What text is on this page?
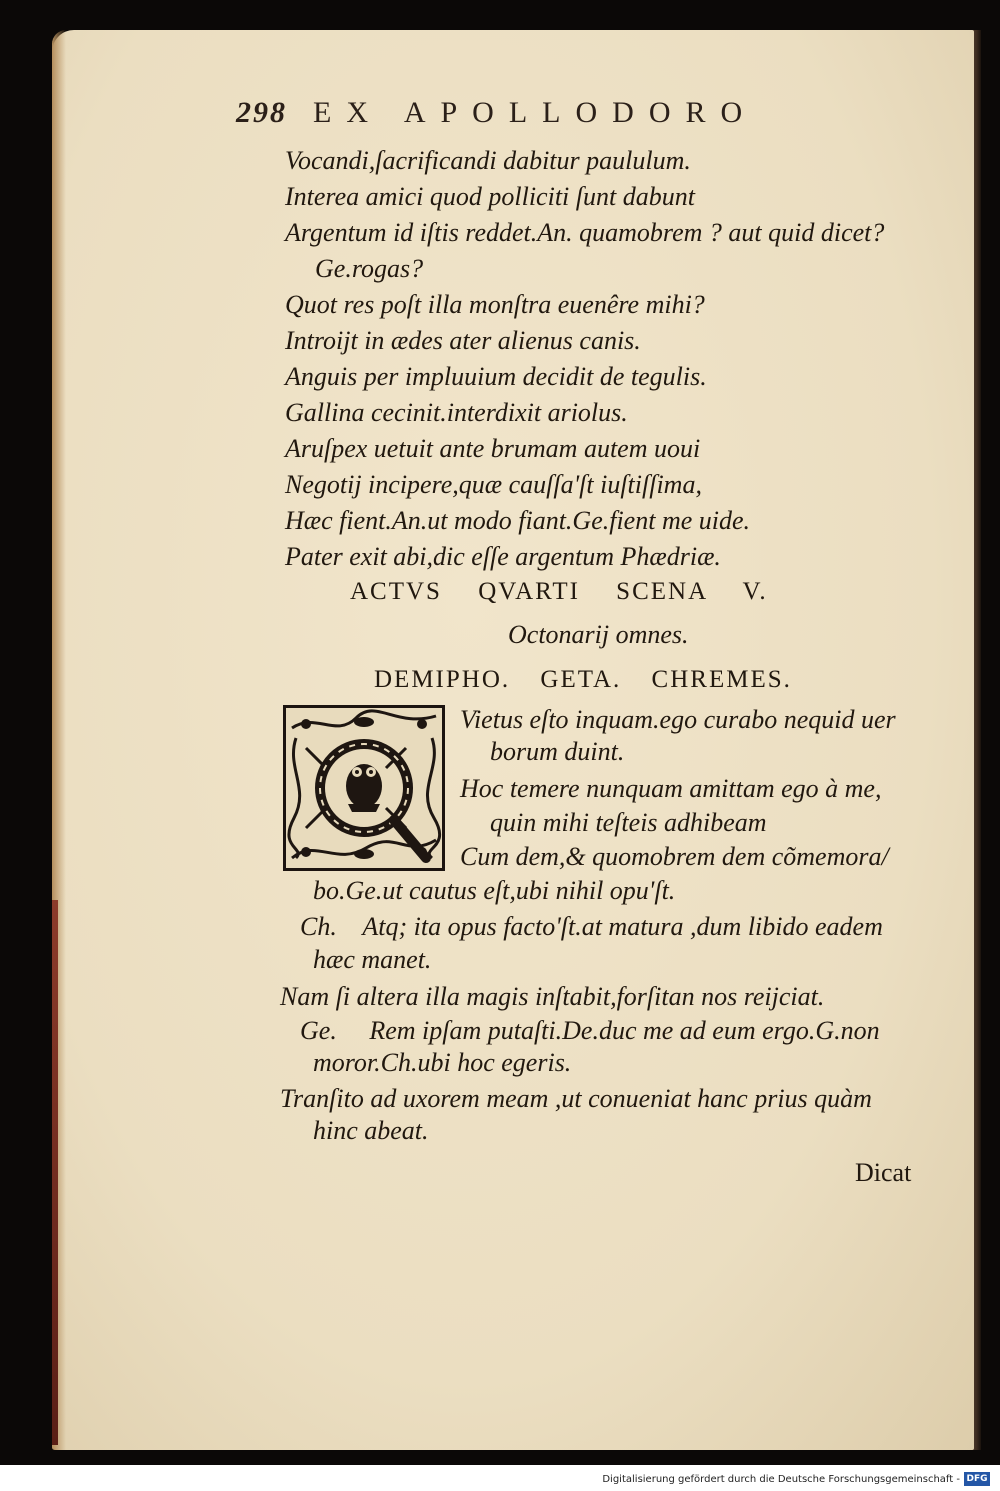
298 EX APOLLODORO
Vocandi,ſacrificandi dabitur paululum.
Interea amici quod polliciti ſunt dabunt
Argentum id iſtis reddet.An. quamobrem ? aut quid dicet?
Ge.rogas?
Quot res poſt illa monſtra euenêre mihi?
Introijt in ædes ater alienus canis.
Anguis per impluuium decidit de tegulis.
Gallina cecinit.interdixit ariolus.
Aruſpex uetuit ante brumam autem uoui
Negotij incipere,quæ cauſſa'ſt iuſtiſſima,
Hæc fient.An.ut modo fiant.Ge.fient me uide.
Pater exit abi,dic eſſe argentum Phædriæ.
ACTVS QVARTI SCENA V.
Octonarij omnes.
DEMIPHO. GETA. CHREMES.
Vietus eſto inquam.ego curabo nequid uer
borum duint.
Hoc temere nunquam amittam ego à me,
quin mihi teſteis adhibeam
Cum dem,& quomobrem dem cõmemora/
bo.Ge.ut cautus eſt,ubi nihil opu'ſt.
Ch.    Atq; ita opus facto'ſt.at matura ,dum libido eadem
hæc manet.
Nam ſi altera illa magis inſtabit,forſitan nos reijciat.
Ge.     Rem ipſam putaſti.De.duc me ad eum ergo.G.non
moror.Ch.ubi hoc egeris.
Tranſito ad uxorem meam ,ut conueniat hanc prius quàm
hinc abeat.
Dicat
Digitalisierung gefördert durch die Deutsche Forschungsgemeinschaft - DFG
